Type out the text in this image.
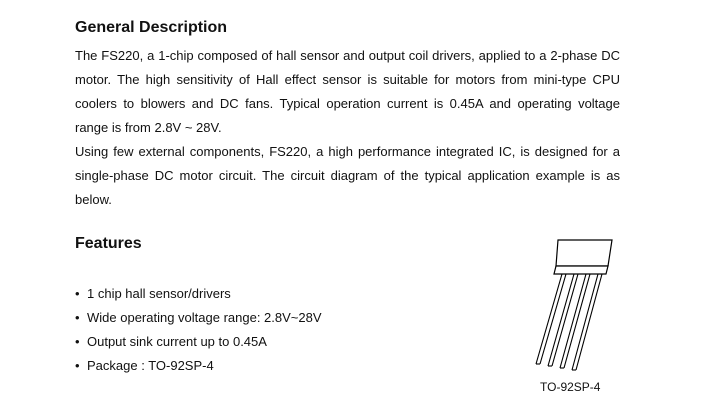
General Description

The FS220, a 1-chip composed of hall sensor and output coil drivers, applied to a 2-phase DC motor. The high sensitivity of Hall effect sensor is suitable for motors from mini-type CPU coolers to blowers and DC fans. Typical operation current is 0.45A and operating voltage range is from 2.8V ~ 28V.

Using few external components, FS220, a high performance integrated IC, is designed for a single-phase DC motor circuit. The circuit diagram of the typical application example is as below.

Features
• 1 chip hall sensor/drivers
• Wide operating voltage range: 2.8V~28V
• Output sink current up to 0.45A
• Package : TO-92SP-4
TO-92SP-4
